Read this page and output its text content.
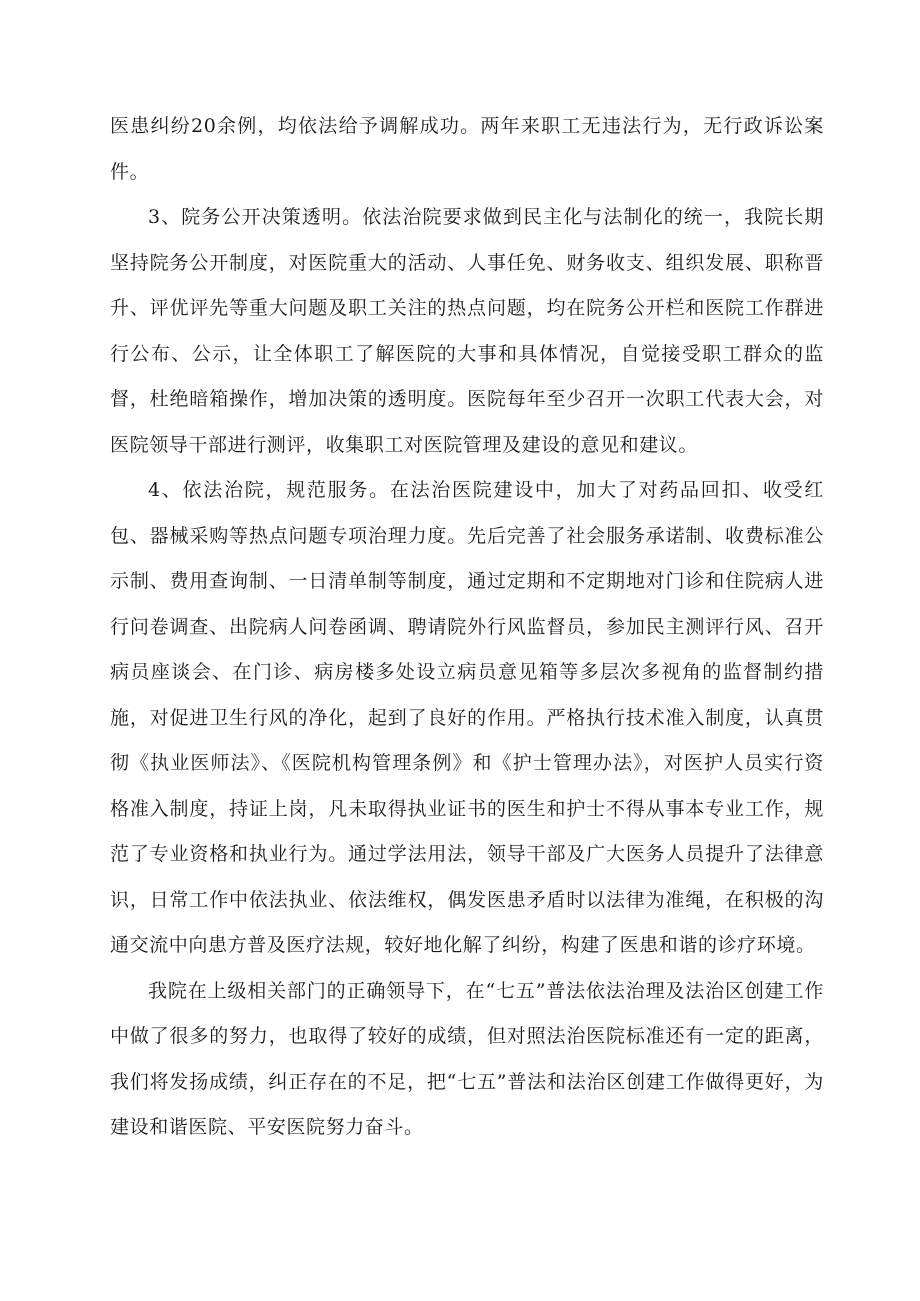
医患纠纷20余例，均依法给予调解成功。两年来职工无违法行为，无行政诉讼案件。

3、院务公开决策透明。依法治院要求做到民主化与法制化的统一，我院长期坚持院务公开制度，对医院重大的活动、人事任免、财务收支、组织发展、职称晋升、评优评先等重大问题及职工关注的热点问题，均在院务公开栏和医院工作群进行公布、公示，让全体职工了解医院的大事和具体情况，自觉接受职工群众的监督，杜绝暗箱操作，增加决策的透明度。医院每年至少召开一次职工代表大会，对医院领导干部进行测评，收集职工对医院管理及建设的意见和建议。

4、依法治院，规范服务。在法治医院建设中，加大了对药品回扣、收受红包、器械采购等热点问题专项治理力度。先后完善了社会服务承诺制、收费标准公示制、费用查询制、一日清单制等制度，通过定期和不定期地对门诊和住院病人进行问卷调查、出院病人问卷函调、聘请院外行风监督员，参加民主测评行风、召开病员座谈会、在门诊、病房楼多处设立病员意见箱等多层次多视角的监督制约措施，对促进卫生行风的净化，起到了良好的作用。严格执行技术准入制度，认真贯彻《执业医师法》、《医院机构管理条例》和《护士管理办法》，对医护人员实行资格准入制度，持证上岗，凡未取得执业证书的医生和护士不得从事本专业工作，规范了专业资格和执业行为。通过学法用法，领导干部及广大医务人员提升了法律意识，日常工作中依法执业、依法维权，偶发医患矛盾时以法律为准绳，在积极的沟通交流中向患方普及医疗法规，较好地化解了纠纷，构建了医患和谐的诊疗环境。

我院在上级相关部门的正确领导下，在“七五”普法依法治理及法治区创建工作中做了很多的努力，也取得了较好的成绩，但对照法治医院标准还有一定的距离，我们将发扬成绩，纠正存在的不足，把“七五”普法和法治区创建工作做得更好，为建设和谐医院、平安医院努力奋斗。
